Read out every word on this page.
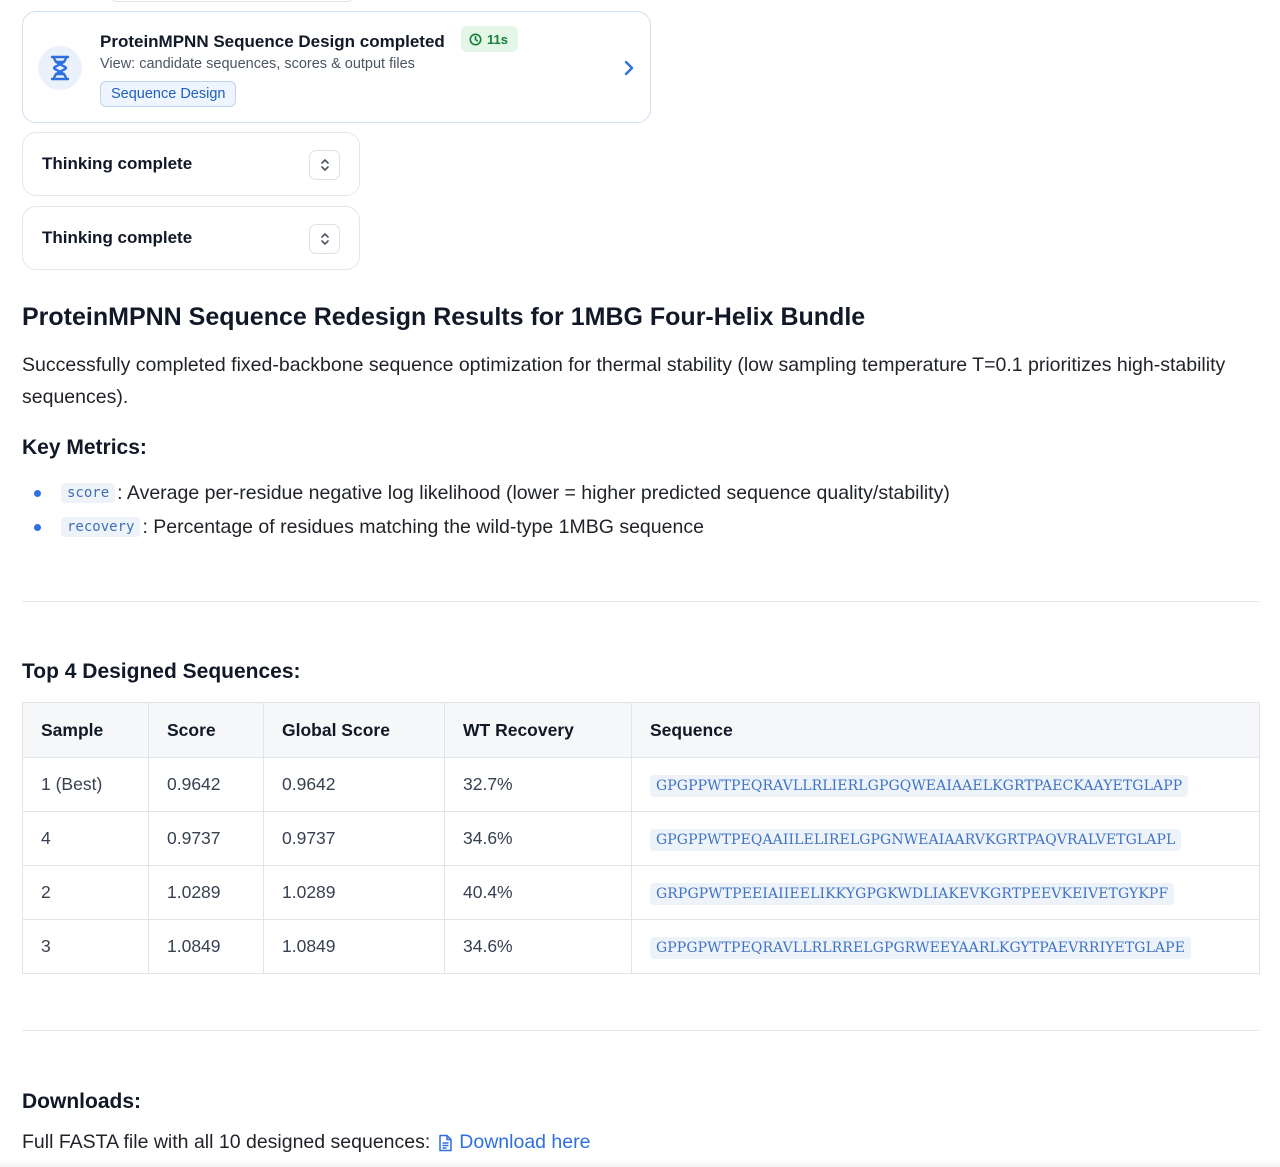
ProteinMPNN Sequence Design completed	11s
View: candidate sequences, scores & output files
Sequence Design
Thinking complete
Thinking complete
ProteinMPNN Sequence Redesign Results for 1MBG Four-Helix Bundle

Successfully completed fixed-backbone sequence optimization for thermal stability (low sampling temperature T=0.1 prioritizes high-stability sequences).

Key Metrics:
score : Average per-residue negative log likelihood (lower = higher predicted sequence quality/stability)
recovery : Percentage of residues matching the wild-type 1MBG sequence
Top 4 Designed Sequences:
Sample	Score	Global Score	WT Recovery	Sequence
1 (Best)	0.9642	0.9642	32.7%	GPGPPWTPEQRAVLLRLIERLGPGQWEAIAAELKGRTPAECKAAYETGLAPP
4	0.9737	0.9737	34.6%	GPGPPWTPEQAAIILELIRELGPGNWEAIAARVKGRTPAQVRALVETGLAPL
2	1.0289	1.0289	40.4%	GRPGPWTPEEIAIIEELIKKYGPGKWDLIAKEVKGRTPEEVKEIVETGYKPF
3	1.0849	1.0849	34.6%	GPPGPWTPEQRAVLLRLRRELGPGRWEEYAARLKGYTPAEVRRIYETGLAPE
Downloads:
Full FASTA file with all 10 designed sequences: Download here
